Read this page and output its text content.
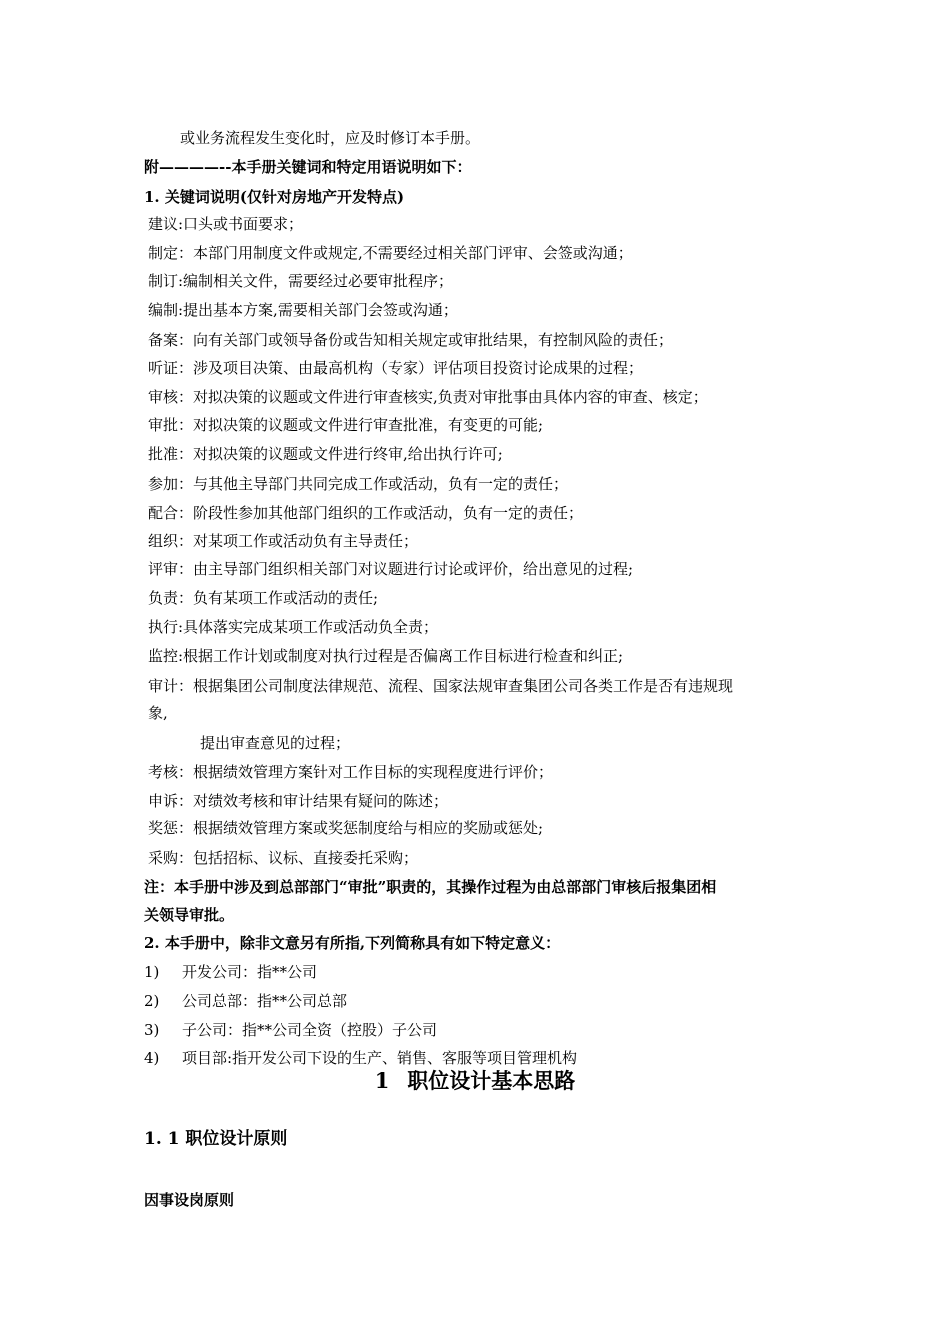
或业务流程发生变化时，应及时修订本手册。
附————--本手册关键词和特定用语说明如下：
1. 关键词说明(仅针对房地产开发特点)
建议:口头或书面要求；
制定：本部门用制度文件或规定,不需要经过相关部门评审、会签或沟通；
制订:编制相关文件，需要经过必要审批程序；
编制:提出基本方案,需要相关部门会签或沟通；
备案：向有关部门或领导备份或告知相关规定或审批结果，有控制风险的责任；
听证：涉及项目决策、由最高机构（专家）评估项目投资讨论成果的过程；
审核：对拟决策的议题或文件进行审查核实,负责对审批事由具体内容的审查、核定；
审批：对拟决策的议题或文件进行审查批准，有变更的可能;
批准：对拟决策的议题或文件进行终审,给出执行许可;
参加：与其他主导部门共同完成工作或活动，负有一定的责任；
配合：阶段性参加其他部门组织的工作或活动，负有一定的责任；
组织：对某项工作或活动负有主导责任；
评审：由主导部门组织相关部门对议题进行讨论或评价，给出意见的过程;
负责：负有某项工作或活动的责任;
执行:具体落实完成某项工作或活动负全责；
监控:根据工作计划或制度对执行过程是否偏离工作目标进行检查和纠正;
审计：根据集团公司制度法律规范、流程、国家法规审查集团公司各类工作是否有违规现
象,
提出审查意见的过程；
考核：根据绩效管理方案针对工作目标的实现程度进行评价；
申诉：对绩效考核和审计结果有疑问的陈述；
奖惩：根据绩效管理方案或奖惩制度给与相应的奖励或惩处;
采购：包括招标、议标、直接委托采购；
注：本手册中涉及到总部部门“审批”职责的，其操作过程为由总部部门审核后报集团相
关领导审批。
2. 本手册中，除非文意另有所指,下列简称具有如下特定意义：
1) 开发公司：指**公司
2) 公司总部：指**公司总部
3) 子公司：指**公司全资（控股）子公司
4) 项目部:指开发公司下设的生产、销售、客服等项目管理机构
1 职位设计基本思路
1. 1 职位设计原则
因事设岗原则
